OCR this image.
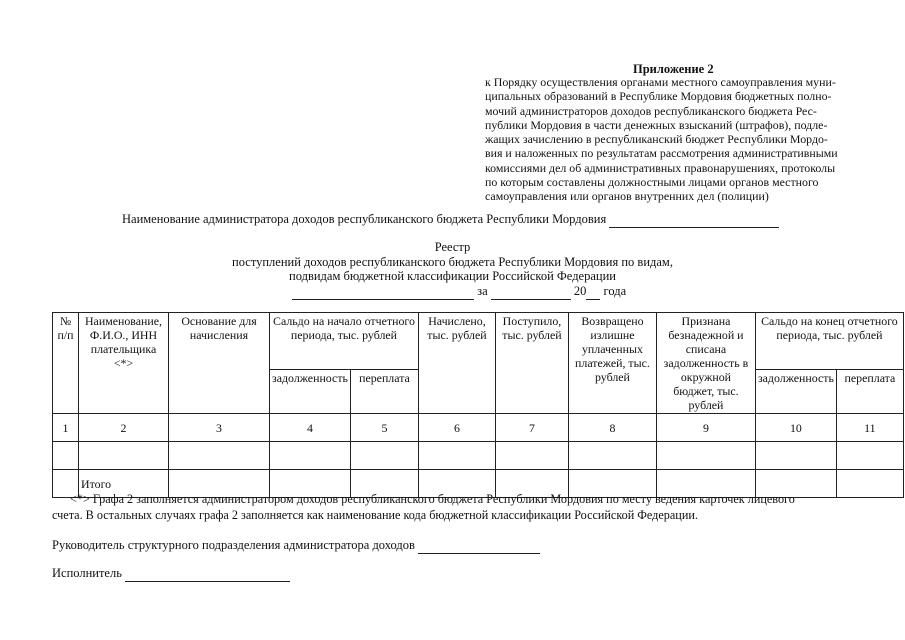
Приложение 2
к Порядку осуществления органами местного самоуправления муни-
ципальных образований в Республике Мордовия бюджетных полно-
мочий администраторов доходов республиканского бюджета Рес-
публики Мордовия в части денежных взысканий (штрафов), подле-
жащих зачислению в республиканский бюджет Республики Мордо-
вия и наложенных по результатам рассмотрения административными
комиссиями дел об административных правонарушениях, протоколы
по которым составлены должностными лицами органов местного
самоуправления или органов внутренних дел (полиции)
Наименование администратора доходов республиканского бюджета Республики Мордовия
Реестр
поступлений доходов республиканского бюджета Республики Мордовия по видам,
подвидам бюджетной классификации Российской Федерации
за	20 года
№ п/п	Наименование, Ф.И.О., ИНН плательщика <*>	Основание для начисления	Сальдо на начало отчетного периода, тыс. рублей		Начислено, тыс. рублей	Поступило, тыс. рублей	Возвращено излишне уплаченных платежей, тыс. рублей	Признана безнадежной и списана задолженность в окружной бюджет, тыс. рублей	Сальдо на конец отчетного периода, тыс. рублей	
			задолженность	переплата					задолженность	переплата
1	2	3	4	5	6	7	8	9	10	11

	Итого									
<*> Графа 2 заполняется администратором доходов республиканского бюджета Республики Мордовия по месту ведения карточек лицевого
счета. В остальных случаях графа 2 заполняется как наименование кода бюджетной классификации Российской Федерации.
Руководитель структурного подразделения администратора доходов
Исполнитель
